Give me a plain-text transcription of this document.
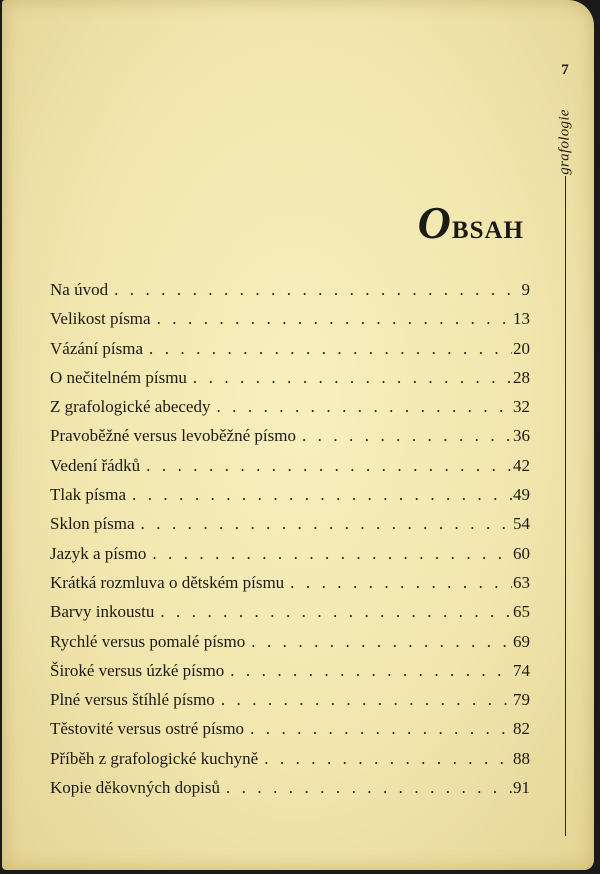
7
grafologie
Obsah
Na úvod . . .	9
Velikost písma . . .	13
Vázání písma . . .	20
O nečitelném písmu . . .	28
Z grafologické abecedy . . .	32
Pravoběžné versus levoběžné písmo . . .	36
Vedení řádků . . .	42
Tlak písma . . .	49
Sklon písma . . .	54
Jazyk a písmo . . .	60
Krátká rozmluva o dětském písmu . . .	63
Barvy inkoustu . . .	65
Rychlé versus pomalé písmo . . .	69
Široké versus úzké písmo . . .	74
Plné versus štíhlé písmo . . .	79
Těstovité versus ostré písmo . . .	82
Příběh z grafologické kuchyně . . .	88
Kopie děkovných dopisů . . .	91
